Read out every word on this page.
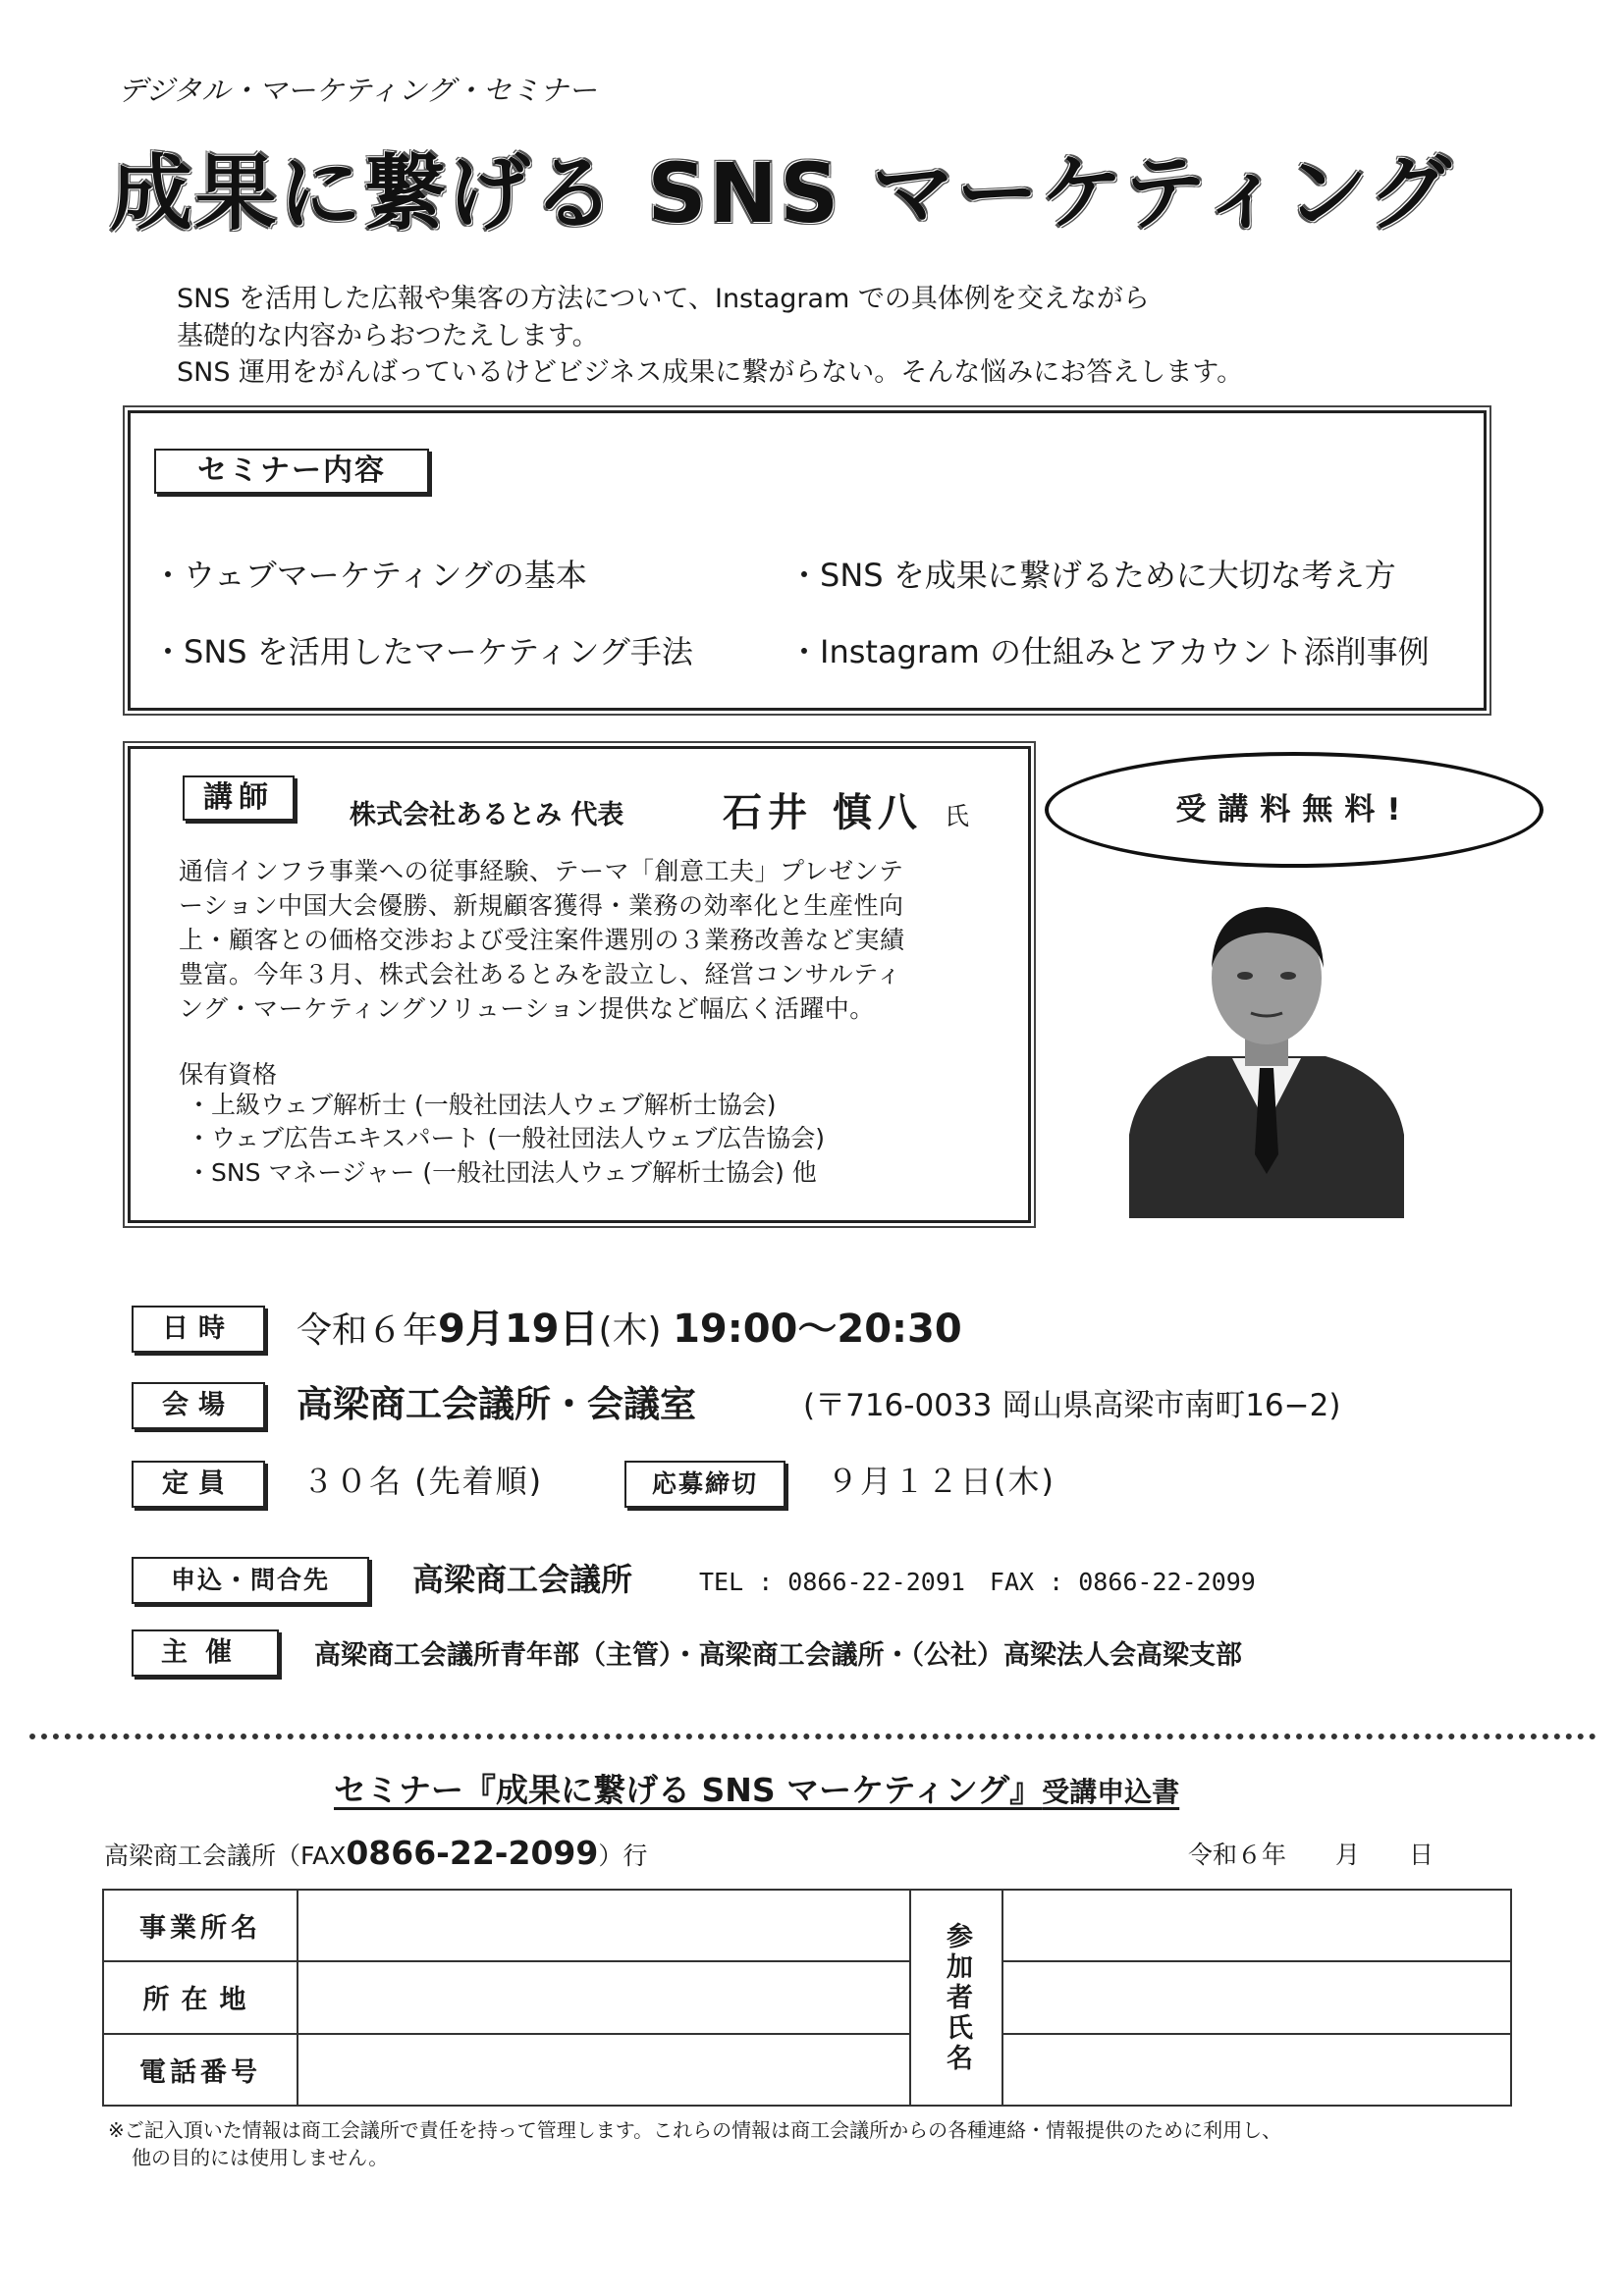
デジタル・マーケティング・セミナー
成果に繋げる SNS マーケティング
SNS を活用した広報や集客の方法について、Instagram での具体例を交えながら
基礎的な内容からおつたえします。
SNS 運用をがんばっているけどビジネス成果に繋がらない。そんな悩みにお答えします。
セミナー内容
・ウェブマーケティングの基本	・SNS を成果に繋げるために大切な考え方
・SNS を活用したマーケティング手法	・Instagram の仕組みとアカウント添削事例
講師
株式会社あるとみ 代表	石井 慎八 氏
通信インフラ事業への従事経験、テーマ「創意工夫」プレゼンテ
ーション中国大会優勝、新規顧客獲得・業務の効率化と生産性向
上・顧客との価格交渉および受注案件選別の３業務改善など実績
豊富。今年３月、株式会社あるとみを設立し、経営コンサルティ
ング・マーケティングソリューション提供など幅広く活躍中。
保有資格
・上級ウェブ解析士 (一般社団法人ウェブ解析士協会)
・ウェブ広告エキスパート (一般社団法人ウェブ広告協会)
・SNS マネージャー (一般社団法人ウェブ解析士協会) 他
受講料無料!
日時	令和６年9月19日(木) 19:00〜20:30
会場	高梁商工会議所・会議室	(〒716-0033 岡山県高梁市南町16−2)
定員	３０名 (先着順)	応募締切	９月１２日(木)
申込・問合先	高梁商工会議所	TEL : 0866-22-2091　FAX : 0866-22-2099
主催	高梁商工会議所青年部（主管）・高梁商工会議所・（公社）高梁法人会高梁支部
セミナー『成果に繋げる SNS マーケティング』受講申込書
高梁商工会議所（FAX0866-22-2099）行	令和６年　　月　　日
事業所名		参加者氏名	

所在地			
電話番号			
※ご記入頂いた情報は商工会議所で責任を持って管理します。これらの情報は商工会議所からの各種連絡・情報提供のために利用し、
他の目的には使用しません。
